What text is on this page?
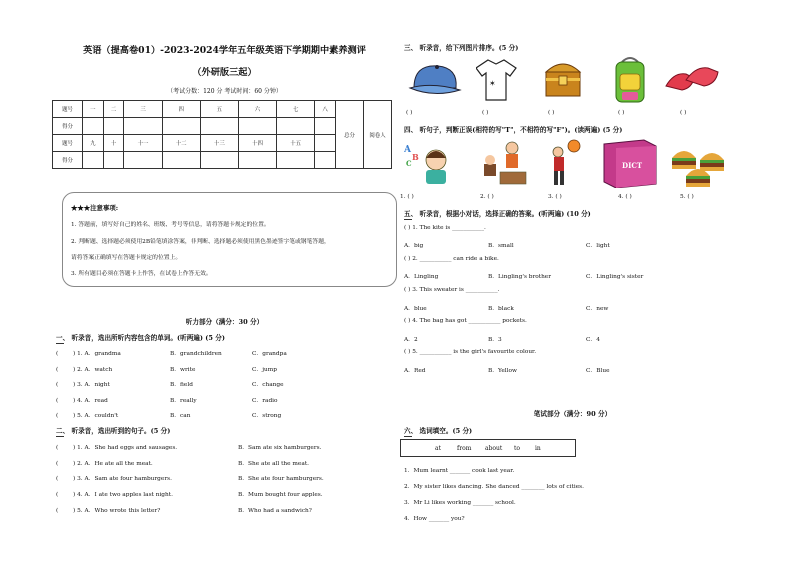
英语（提高卷01）-2023-2024学年五年级英语下学期期中素养测评
（外研版三起）
（考试分数：120 分 考试时间：60 分钟）
题号	一	二	三	四	五	六	七	八	总分	阅卷人
得分										
题号	九	十	十一	十二	十三	十四	十五			
得分										
★★★注意事项:
1. 答题前，填写好自己的姓名、班级、考号等信息，请将答题卡规定的位置。
2. 判断题、选择题必须使用2B铅笔填涂答案，非判断、选择题必须使用黑色墨迹签字笔或钢笔答题，
请将答案正确填写在答题卡规定的位置上。
3. 所有题目必须在答题卡上作答，在试卷上作答无效。
听力部分（满分：30 分）
一、 听录音，选出所听内容包含的单词。(听两遍) (5 分)
(        ) 1. A．grandma	B．grandchildren	C．grandpa
(        ) 2. A．watch	B．write	C．jump
(        ) 3. A．night	B．field	C．change
(        ) 4. A．read	B．really	C．radio
(        ) 5. A．couldn't	B．can	C．strong
二、 听录音，选出听到的句子。(5 分)
(        ) 1. A．She had eggs and sausages.	B．Sam ate six hamburgers.
(        ) 2. A．He ate all the meat.	B．She ate all the meat.
(        ) 3. A．Sam ate four hamburgers.	B．She ate four hamburgers.
(        ) 4. A．I ate two apples last night.	B．Mum bought four apples.
(        ) 5. A．Who wrote this letter?	B．Who had a sandwich?
三、 听录音，给下列图片排序。(5 分)
✶
( )	( )	( )	( )	( )
四、 听句子，判断正误(相符的写"T"，不相符的写"F")。(读两遍) (5 分)
A
B
C	DICT
1. ( )	2. ( )	3. ( )	4. ( )	5. ( )
五、 听录音，根据小对话，选择正确的答案。(听两遍) (10 分)
( ) 1. The kite is ___________.
A．big	B．small	C．light
( ) 2. ___________ can ride a bike.
A．Lingling	B．Lingling's brother	C．Lingling's sister
( ) 3. This sweater is ___________.
A．blue	B．black	C．new
( ) 4. The bag has got ___________ pockets.
A．2	B．3	C．4
( ) 5. ___________ is the girl's favourite colour.
A．Red	B．Yellow	C．Blue
笔试部分（满分：90 分）
六、 选词填空。(5 分)
at	from about to in
1．Mum learnt _______ cook last year.
2．My sister likes dancing. She danced ________ lots of cities.
3．Mr Li likes working _______ school.
4．How _______ you?
